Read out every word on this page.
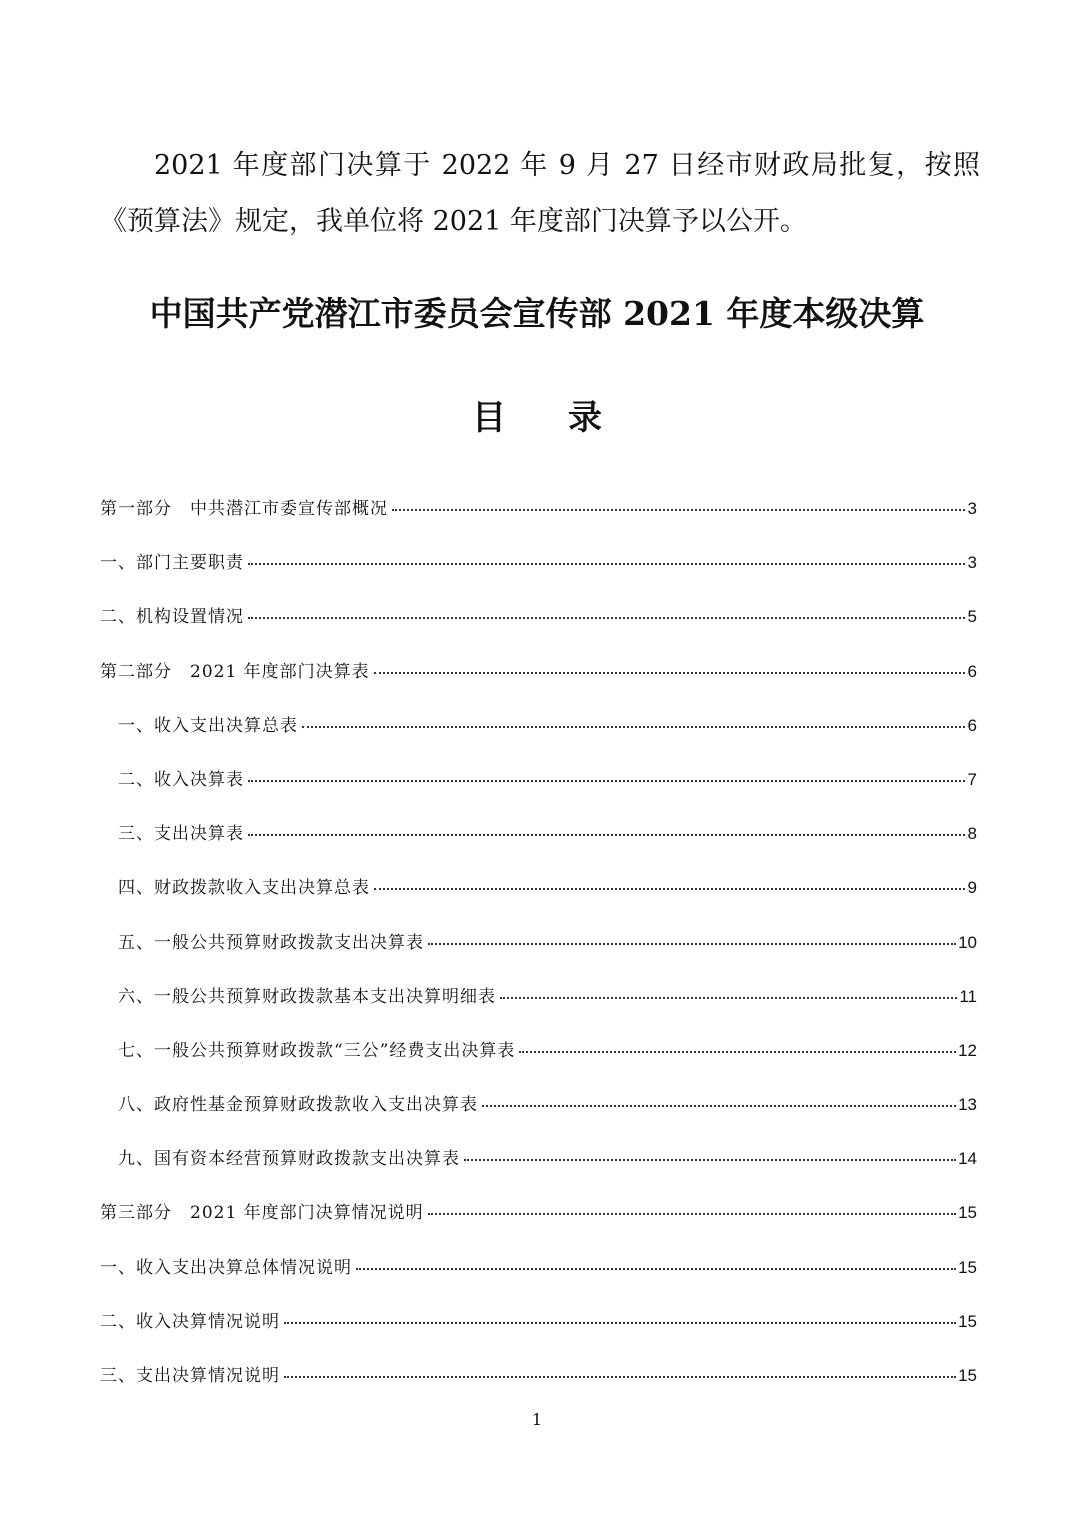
2021 年度部门决算于 2022 年 9 月 27 日经市财政局批复，按照《预算法》规定，我单位将 2021 年度部门决算予以公开。

中国共产党潜江市委员会宣传部 2021 年度本级决算
目 录
第一部分　中共潜江市委宣传部概况	3
一、部门主要职责	3
二、机构设置情况	5
第二部分　2021 年度部门决算表	6
一、收入支出决算总表	6
二、收入决算表	7
三、支出决算表	8
四、财政拨款收入支出决算总表	9
五、一般公共预算财政拨款支出决算表	10
六、一般公共预算财政拨款基本支出决算明细表	11
七、一般公共预算财政拨款“三公”经费支出决算表	12
八、政府性基金预算财政拨款收入支出决算表	13
九、国有资本经营预算财政拨款支出决算表	14
第三部分　2021 年度部门决算情况说明	15
一、收入支出决算总体情况说明	15
二、收入决算情况说明	15
三、支出决算情况说明	15

1
